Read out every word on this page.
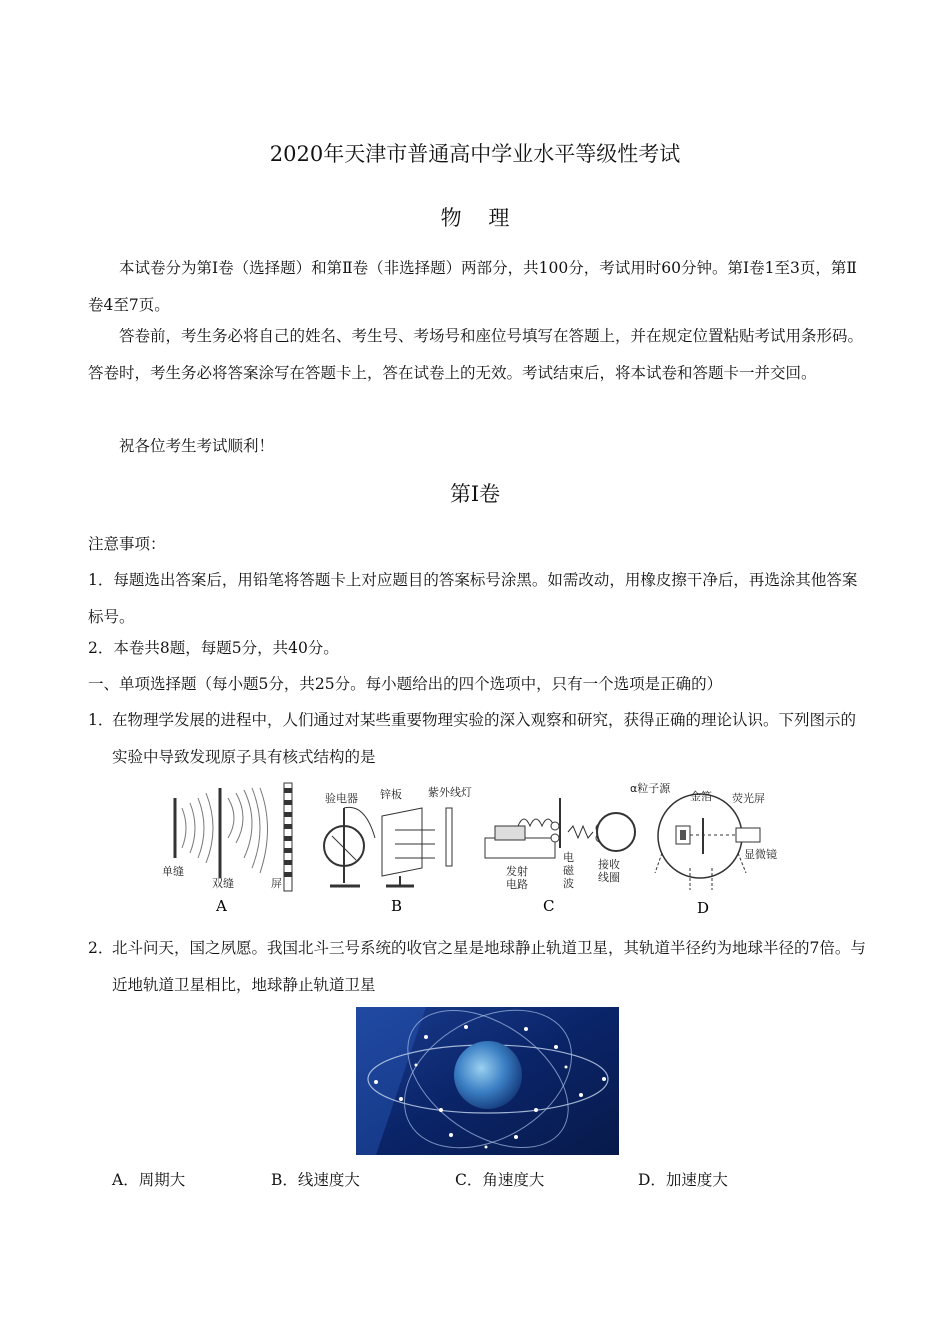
2020年天津市普通高中学业水平等级性考试
物    理

本试卷分为第Ⅰ卷（选择题）和第Ⅱ卷（非选择题）两部分，共100分，考试用时60分钟。第Ⅰ卷1至3页，第Ⅱ卷4至7页。

答卷前，考生务必将自己的姓名、考生号、考场号和座位号填写在答题上，并在规定位置粘贴考试用条形码。答卷时，考生务必将答案涂写在答题卡上，答在试卷上的无效。考试结束后，将本试卷和答题卡一并交回。

祝各位考生考试顺利！

第Ⅰ卷
注意事项：

1．每题选出答案后，用铅笔将答题卡上对应题目的答案标号涂黑。如需改动，用橡皮擦干净后，再选涂其他答案标号。

2．本卷共8题，每题5分，共40分。
一、单项选择题（每小题5分，共25分。每小题给出的四个选项中，只有一个选项是正确的）
1．
在物理学发展的进程中，人们通过对某些重要物理实验的深入观察和研究，获得正确的理论认识。下列图示的实验中导致发现原子具有核式结构的是
单缝
双缝	屏
A
验电器 锌板 紫外线灯
B
发射
电路
电
磁
波
接收
线圈
C
α粒子源
金箔 荧光屏
显微镜
D
2．
北斗问天，国之夙愿。我国北斗三号系统的收官之星是地球静止轨道卫星，其轨道半径约为地球半径的7倍。与近地轨道卫星相比，地球静止轨道卫星
A．周期大	B．线速度大	C．角速度大	D．加速度大
